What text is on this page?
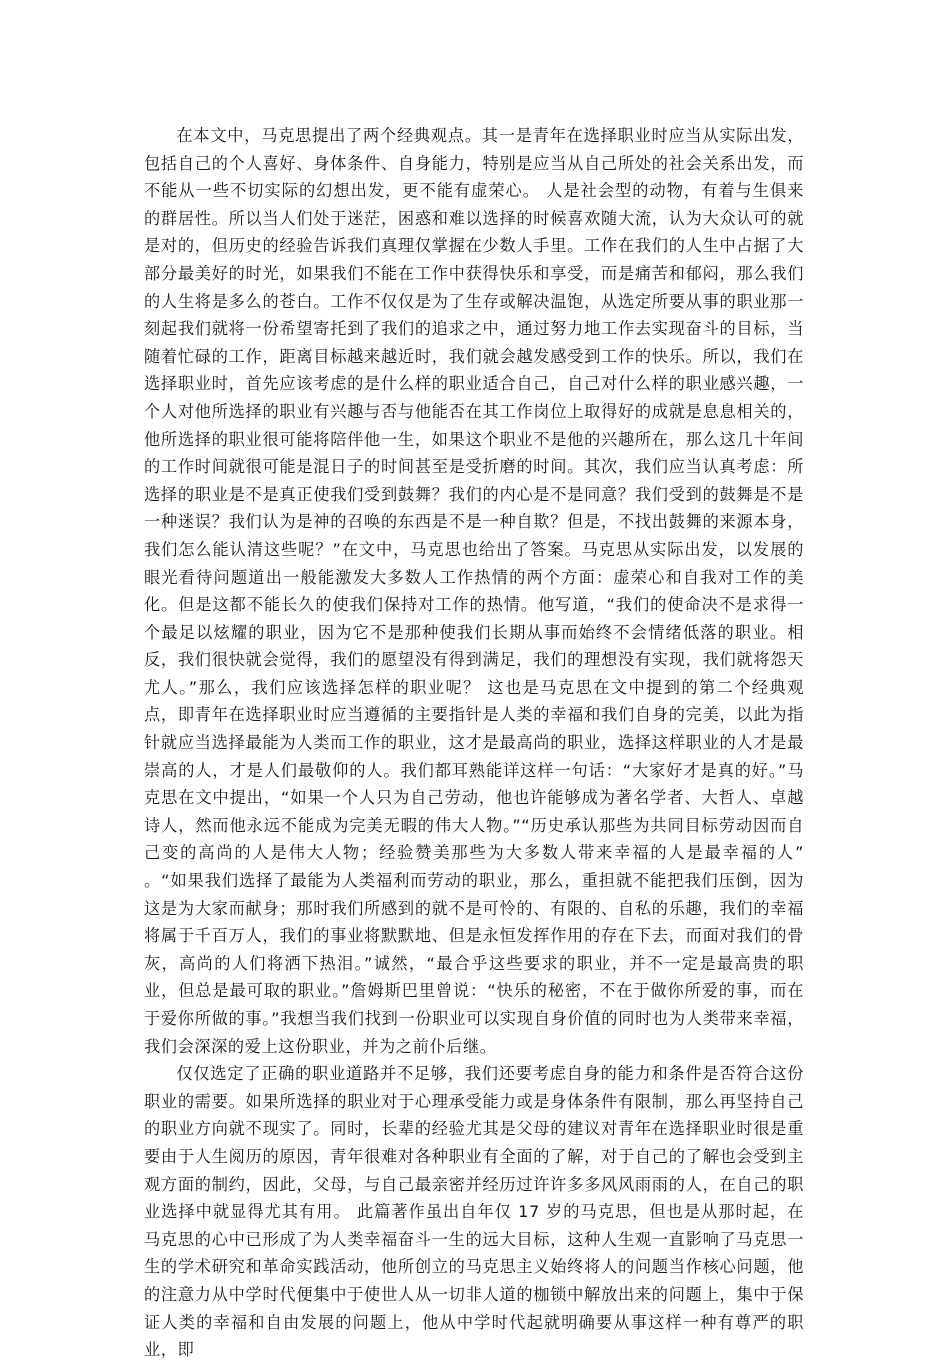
在本文中，马克思提出了两个经典观点。其一是青年在选择职业时应当从实际出发，包括自己的个人喜好、身体条件、自身能力，特别是应当从自己所处的社会关系出发，而不能从一些不切实际的幻想出发，更不能有虚荣心。 人是社会型的动物，有着与生俱来的群居性。所以当人们处于迷茫，困惑和难以选择的时候喜欢随大流，认为大众认可的就是对的，但历史的经验告诉我们真理仅掌握在少数人手里。工作在我们的人生中占据了大部分最美好的时光，如果我们不能在工作中获得快乐和享受，而是痛苦和郁闷，那么我们的人生将是多么的苍白。工作不仅仅是为了生存或解决温饱，从选定所要从事的职业那一刻起我们就将一份希望寄托到了我们的追求之中，通过努力地工作去实现奋斗的目标，当随着忙碌的工作，距离目标越来越近时，我们就会越发感受到工作的快乐。所以，我们在选择职业时，首先应该考虑的是什么样的职业适合自己，自己对什么样的职业感兴趣，一个人对他所选择的职业有兴趣与否与他能否在其工作岗位上取得好的成就是息息相关的，他所选择的职业很可能将陪伴他一生，如果这个职业不是他的兴趣所在，那么这几十年间的工作时间就很可能是混日子的时间甚至是受折磨的时间。其次，我们应当认真考虑：所选择的职业是不是真正使我们受到鼓舞？我们的内心是不是同意？我们受到的鼓舞是不是一种迷误？我们认为是神的召唤的东西是不是一种自欺？但是，不找出鼓舞的来源本身，我们怎么能认清这些呢？”在文中，马克思也给出了答案。马克思从实际出发，以发展的眼光看待问题道出一般能激发大多数人工作热情的两个方面：虚荣心和自我对工作的美化。但是这都不能长久的使我们保持对工作的热情。他写道，“我们的使命决不是求得一个最足以炫耀的职业，因为它不是那种使我们长期从事而始终不会情绪低落的职业。相反，我们很快就会觉得，我们的愿望没有得到满足，我们的理想没有实现，我们就将怨天尤人。”那么，我们应该选择怎样的职业呢？ 这也是马克思在文中提到的第二个经典观点，即青年在选择职业时应当遵循的主要指针是人类的幸福和我们自身的完美，以此为指针就应当选择最能为人类而工作的职业，这才是最高尚的职业，选择这样职业的人才是最崇高的人，才是人们最敬仰的人。我们都耳熟能详这样一句话：“大家好才是真的好。”马克思在文中提出，“如果一个人只为自己劳动，他也许能够成为著名学者、大哲人、卓越诗人，然而他永远不能成为完美无暇的伟大人物。”“历史承认那些为共同目标劳动因而自己变的高尚的人是伟大人物；经验赞美那些为大多数人带来幸福的人是最幸福的人” 。“如果我们选择了最能为人类福利而劳动的职业，那么，重担就不能把我们压倒，因为这是为大家而献身；那时我们所感到的就不是可怜的、有限的、自私的乐趣，我们的幸福将属于千百万人，我们的事业将默默地、但是永恒发挥作用的存在下去，而面对我们的骨灰，高尚的人们将洒下热泪。”诚然，“最合乎这些要求的职业，并不一定是最高贵的职业，但总是最可取的职业。”詹姆斯巴里曾说：“快乐的秘密，不在于做你所爱的事，而在于爱你所做的事。”我想当我们找到一份职业可以实现自身价值的同时也为人类带来幸福，我们会深深的爱上这份职业，并为之前仆后继。

仅仅选定了正确的职业道路并不足够，我们还要考虑自身的能力和条件是否符合这份职业的需要。如果所选择的职业对于心理承受能力或是身体条件有限制，那么再坚持自己的职业方向就不现实了。同时，长辈的经验尤其是父母的建议对青年在选择职业时很是重要由于人生阅历的原因，青年很难对各种职业有全面的了解，对于自己的了解也会受到主观方面的制约，因此，父母，与自己最亲密并经历过许许多多风风雨雨的人，在自己的职业选择中就显得尤其有用。 此篇著作虽出自年仅 17 岁的马克思，但也是从那时起，在马克思的心中已形成了为人类幸福奋斗一生的远大目标，这种人生观一直影响了马克思一生的学术研究和革命实践活动，他所创立的马克思主义始终将人的问题当作核心问题，他的注意力从中学时代便集中于使世人从一切非人道的枷锁中解放出来的问题上，集中于保证人类的幸福和自由发展的问题上，他从中学时代起就明确要从事这样一种有尊严的职业，即
